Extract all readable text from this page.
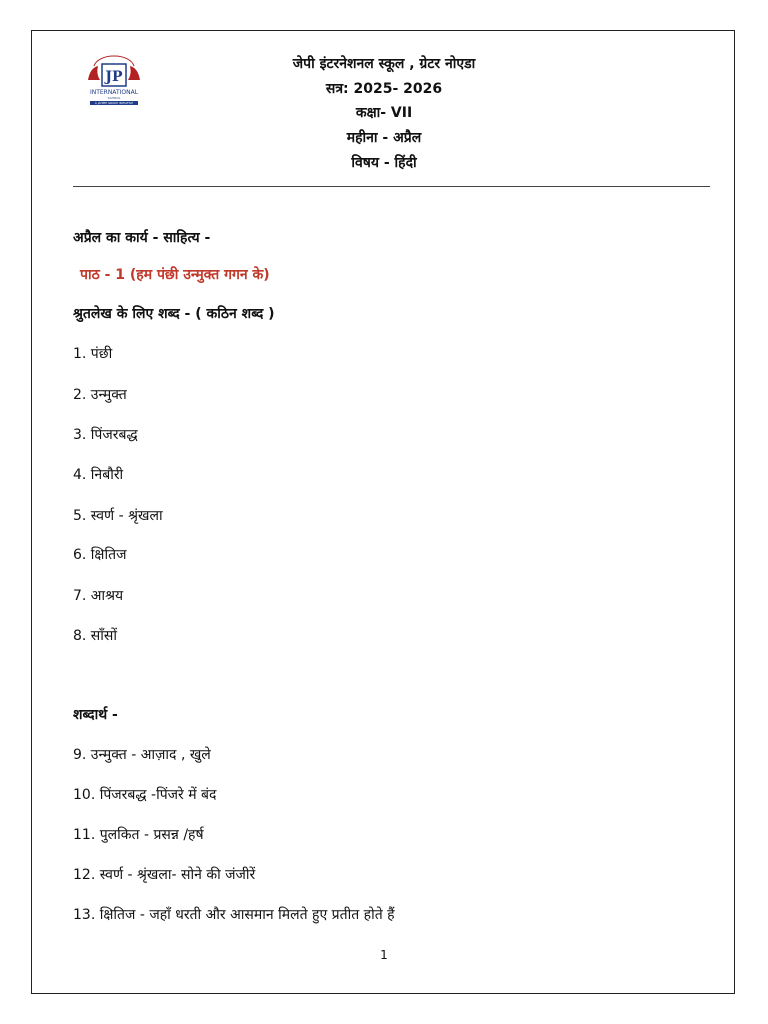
JP
INTERNATIONAL
SCHOOL
A JAYPEE GROUP INITIATIVE
जेपी इंटरनेशनल स्कूल , ग्रेटर नोएडा
सत्र: 2025- 2026
कक्षा- VII
महीना - अप्रैल
विषय - हिंदी
अप्रैल का कार्य - साहित्य -
पाठ - 1 (हम पंछी उन्मुक्त गगन के)
श्रुतलेख के लिए शब्द - ( कठिन शब्द )
1. पंछी
2. उन्मुक्त
3. पिंजरबद्ध
4. निबौरी
5. स्वर्ण - श्रृंखला
6. क्षितिज
7. आश्रय
8. साँसों
शब्दार्थ -
9. उन्मुक्त - आज़ाद , खुले
10. पिंजरबद्ध -पिंजरे में बंद
11. पुलकित - प्रसन्न /हर्ष
12. स्वर्ण - श्रृंखला- सोने की जंजीरें
13. क्षितिज - जहाँ धरती और आसमान मिलते हुए प्रतीत होते हैं
1
